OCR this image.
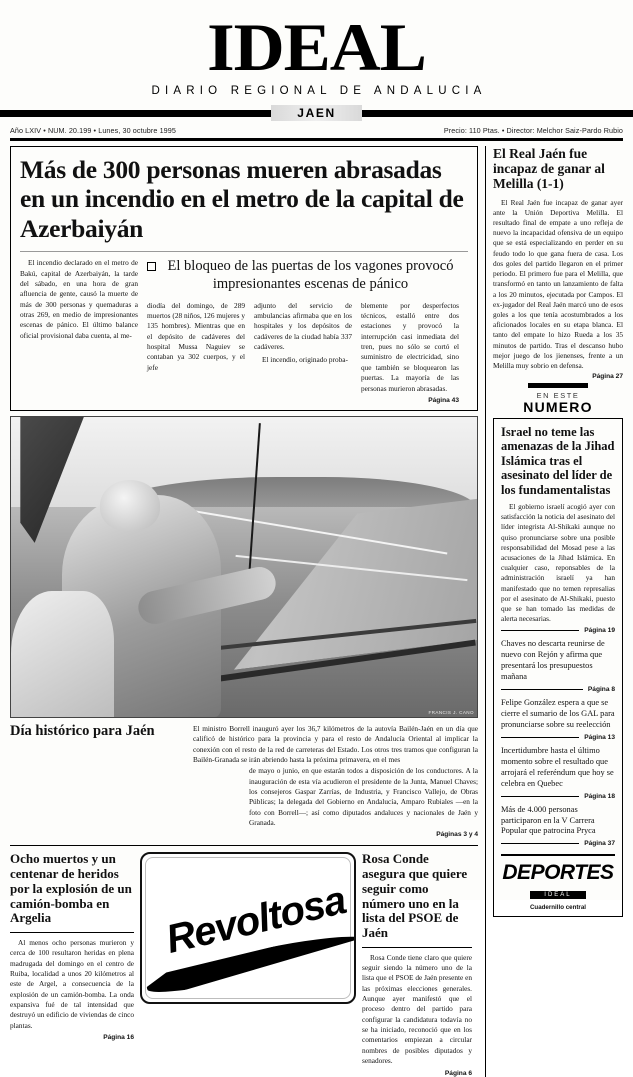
IDEAL
DIARIO REGIONAL DE ANDALUCIA
JAEN
Año LXIV • NUM. 20.199 • Lunes, 30 octubre 1995	Precio: 110 Ptas. • Director: Melchor Saiz-Pardo Rubio
Más de 300 personas mueren abrasadas en un incendio en el metro de la capital de Azerbaiyán

El incendio declarado en el metro de Bakú, capital de Azerbaiyán, la tarde del sábado, en una hora de gran afluencia de gente, causó la muerte de más de 300 personas y quemaduras a otras 269, en medio de impresionantes escenas de pánico. El último balance oficial provisional daba cuenta, al me-

El bloqueo de las puertas de los vagones provocó impresionantes escenas de pánico

diodía del domingo, de 289 muertos (28 niños, 126 mujeres y 135 hombres). Mientras que en el depósito de cadáveres del hospital Mussa Naguiev se contaban ya 302 cuerpos, y el jefe

adjunto del servicio de ambulancias afirmaba que en los hospitales y los depósitos de cadáveres de la ciudad había 337 cadáveres.

El incendio, originado proba-

blemente por desperfectos técnicos, estalló entre dos estaciones y provocó la interrupción casi inmediata del tren, pues no sólo se cortó el suministro de electricidad, sino que también se bloquearon las puertas. La mayoría de las personas murieron abrasadas.

Página 43

FRANCIS J. CANO
Día histórico para Jaén	El ministro Borrell inauguró ayer los 36,7 kilómetros de la autovía Bailén-Jaén en un día que calificó de histórico para la provincia y para el resto de Andalucía Oriental al implicar la conexión con el resto de la red de carreteras del Estado. Los otros tres tramos que configuran la Bailén-Granada se irán abriendo hasta la próxima primavera, en el mes

de mayo o junio, en que estarán todos a disposición de los conductores. A la inauguración de esta vía acudieron el presidente de la Junta, Manuel Chaves; los consejeros Gaspar Zarrías, de Industria, y Francisco Vallejo, de Obras Públicas; la delegada del Gobierno en Andalucía, Amparo Rubiales —en la foto con Borrell—; así como diputados andaluces y nacionales de Jaén y Granada.

Páginas 3 y 4

Ocho muertos y un centenar de heridos por la explosión de un camión-bomba en Argelia

Al menos ocho personas murieron y cerca de 100 resultaron heridas en plena madrugada del domingo en el centro de Ruiba, localidad a unos 20 kilómetros al este de Argel, a consecuencia de la explosión de un camión-bomba. La onda expansiva fué de tal intensidad que destruyó un edificio de viviendas de cinco plantas.

Página 16

Revoltosa
Rosa Conde asegura que quiere seguir como número uno en la lista del PSOE de Jaén

Rosa Conde tiene claro que quiere seguir siendo la número uno de la lista que el PSOE de Jaén presente en las próximas elecciones generales. Aunque ayer manifestó que el proceso dentro del partido para configurar la candidatura todavía no se ha iniciado, reconoció que en los comentarios empiezan a circular nombres de posibles diputados y senadores.

Página 6

El Real Jaén fue incapaz de ganar al Melilla (1-1)

El Real Jaén fue incapaz de ganar ayer ante la Unión Deportiva Melilla. El resultado final de empate a uno refleja de nuevo la incapacidad ofensiva de un equipo que se está especializando en perder en su feudo todo lo que gana fuera de casa. Los dos goles del partido llegaron en el primer periodo. El primero fue para el Melilla, que transformó en tanto un lanzamiento de falta a los 20 minutos, ejecutada por Campos. El ex-jugador del Real Jaén marcó uno de esos goles a los que tenía acostumbrados a los aficionados locales en su etapa blanca. El tanto del empate lo hizo Rueda a los 35 minutos de partido. Tras el descanso hubo mejor juego de los jienenses, frente a un Melilla muy sobrio en defensa.

Página 27

EN ESTE
NUMERO
Israel no teme las amenazas de la Jihad Islámica tras el asesinato del líder de los fundamentalistas

El gobierno israelí acogió ayer con satisfacción la noticia del asesinato del líder integrista Al-Shikaki aunque no quiso pronunciarse sobre una posible responsabilidad del Mosad pese a las acusaciones de la Jihad Islámica. En cualquier caso, reponsables de la administración israelí ya han manifestado que no temen represalias por el asesinato de Al-Shikaki, puesto que se han tomado las medidas de alerta necesarias.

Página 19

Chaves no descarta reunirse de nuevo con Rejón y afirma que presentará los presupuestos mañana

Página 8

Felipe González espera a que se cierre el sumario de los GAL para pronunciarse sobre su reelección

Página 13

Incertidumbre hasta el último momento sobre el resultado que arrojará el referéndum que hoy se celebra en Quebec

Página 18

Más de 4.000 personas participaron en la V Carrera Popular que patrocina Pryca

Página 37
DEPORTES
IDEAL
Cuadernillo central
